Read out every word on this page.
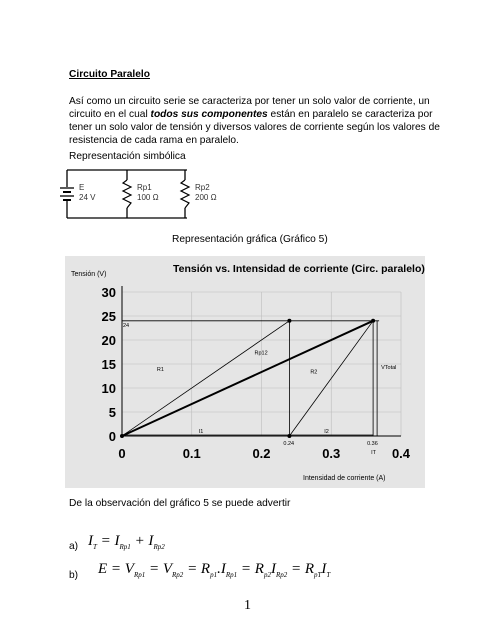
Circuito Paralelo
Así como un circuito serie se caracteriza por tener un solo valor de corriente, un
circuito en el cual todos sus componentes están en paralelo se caracteriza por
tener un solo valor de tensión y diversos valores de corriente según los valores de
resistencia de cada rama en paralelo.
Representación simbólica
E
24 V
Rp1
100 Ω
Rp2
200 Ω
Representación gráfica (Gráfico 5)
Tensión vs. Intensidad de corriente (Circ. paralelo)
Tensión (V)
Intensidad de corriente (A)
0
5
10
15
20
25
30
0	0.1	0.2	0.3	0.4
24
0.24	0.36
I1	I2
IT
VTotal
R1	R2
Rp12
De la observación del gráfico 5 se puede advertir
a) $I_T = I_{Rp1} + I_{Rp2}$
b) $E = V_{Rp1} = V_{Rp2} = R_{p1}.I_{Rp1} = R_{p2}I_{Rp2} = R_{pT}I_T$
1
